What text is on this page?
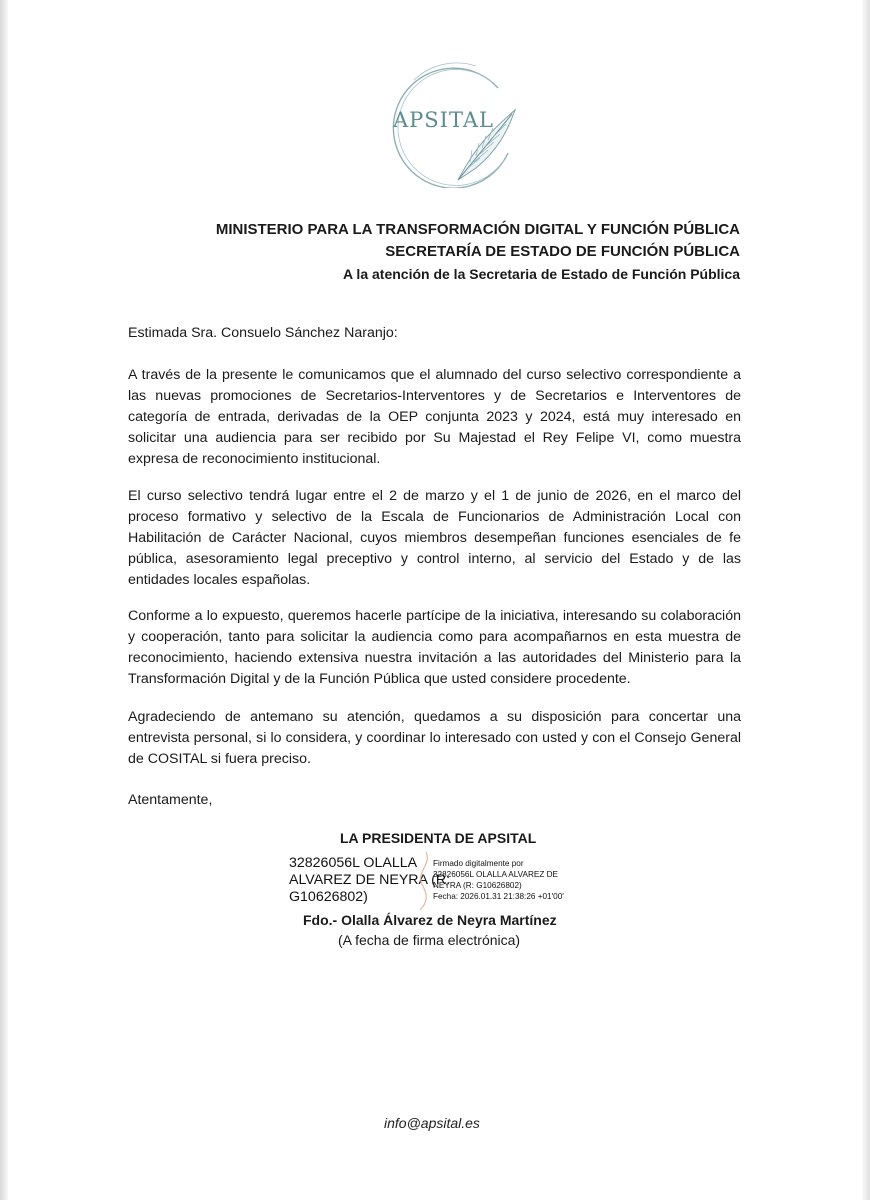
APSITAL
MINISTERIO PARA LA TRANSFORMACIÓN DIGITAL Y FUNCIÓN PÚBLICA
SECRETARÍA DE ESTADO DE FUNCIÓN PÚBLICA
A la atención de la Secretaria de Estado de Función Pública
Estimada Sra. Consuelo Sánchez Naranjo:

A través de la presente le comunicamos que el alumnado del curso selectivo correspondiente a las nuevas promociones de Secretarios-Interventores y de Secretarios e Interventores de categoría de entrada, derivadas de la OEP conjunta 2023 y 2024, está muy interesado en solicitar una audiencia para ser recibido por Su Majestad el Rey Felipe VI, como muestra expresa de reconocimiento institucional.

El curso selectivo tendrá lugar entre el 2 de marzo y el 1 de junio de 2026, en el marco del proceso formativo y selectivo de la Escala de Funcionarios de Administración Local con Habilitación de Carácter Nacional, cuyos miembros desempeñan funciones esenciales de fe pública, asesoramiento legal preceptivo y control interno, al servicio del Estado y de las entidades locales españolas.

Conforme a lo expuesto, queremos hacerle partícipe de la iniciativa, interesando su colaboración y cooperación, tanto para solicitar la audiencia como para acompañarnos en esta muestra de reconocimiento, haciendo extensiva nuestra invitación a las autoridades del Ministerio para la Transformación Digital y de la Función Pública que usted considere procedente.

Agradeciendo de antemano su atención, quedamos a su disposición para concertar una entrevista personal, si lo considera, y coordinar lo interesado con usted y con el Consejo General de COSITAL si fuera preciso.

Atentamente,
LA PRESIDENTA DE APSITAL
32826056L OLALLA
ALVAREZ DE NEYRA (R:
G10626802)
Firmado digitalmente por
32826056L OLALLA ALVAREZ DE
NEYRA (R: G10626802)
Fecha: 2026.01.31 21:38:26 +01'00'
Fdo.- Olalla Álvarez de Neyra Martínez
(A fecha de firma electrónica)
info@apsital.es
